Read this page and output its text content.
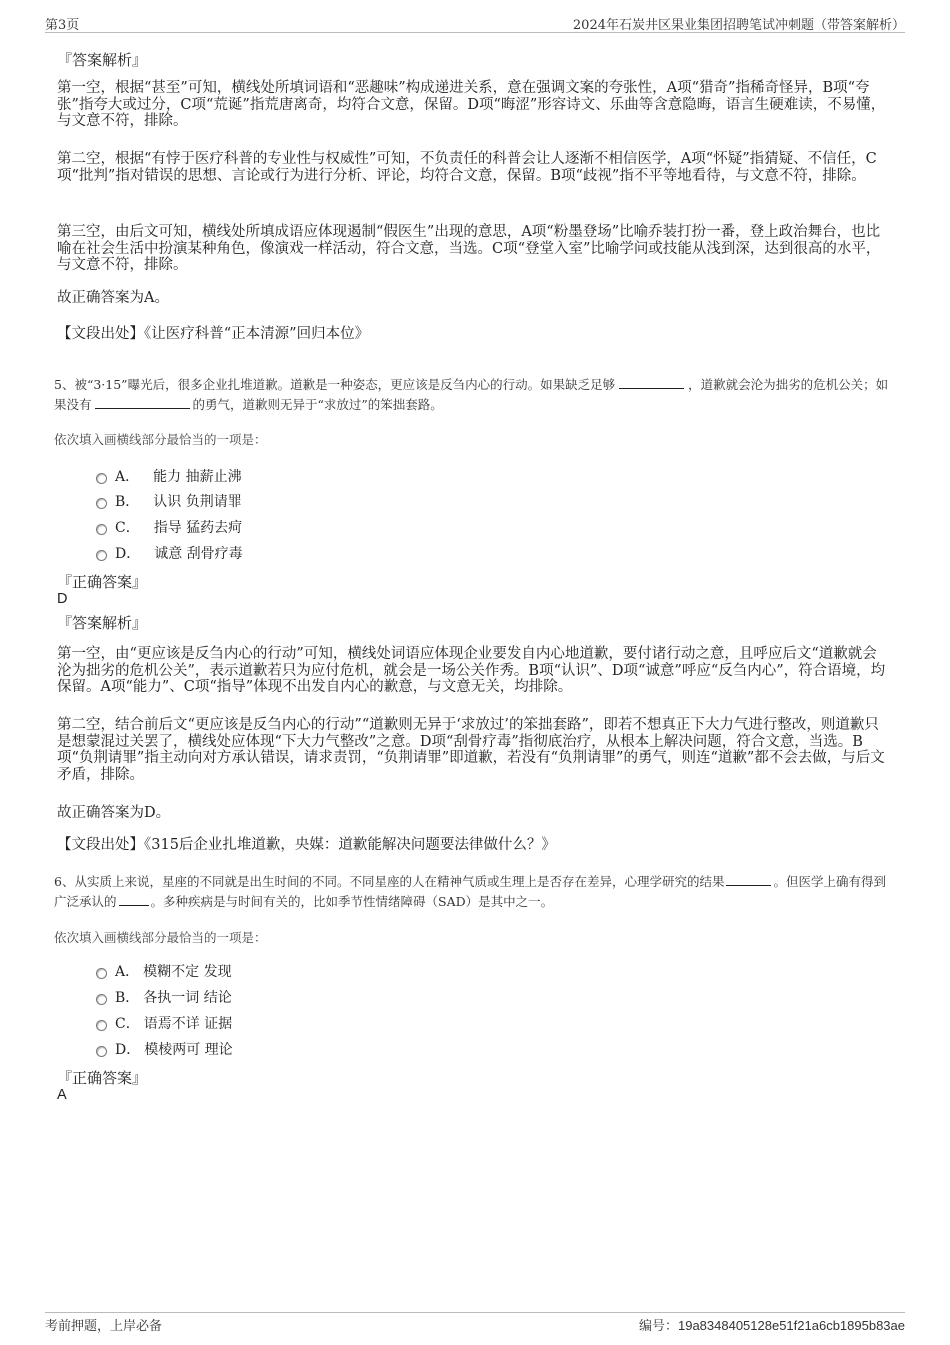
第3页	2024年石炭井区果业集团招聘笔试冲刺题（带答案解析）
『答案解析』

第一空，根据“甚至”可知，横线处所填词语和“恶趣味”构成递进关系，意在强调文案的夸张性，A项“猎奇”指稀奇怪异，B项“夸张”指夸大或过分，C项“荒诞”指荒唐离奇，均符合文意，保留。D项“晦涩”形容诗文、乐曲等含意隐晦，语言生硬难读，不易懂，与文意不符，排除。

第二空，根据“有悖于医疗科普的专业性与权威性”可知，不负责任的科普会让人逐渐不相信医学，A项“怀疑”指猜疑、不信任，C项“批判”指对错误的思想、言论或行为进行分析、评论，均符合文意，保留。B项“歧视”指不平等地看待，与文意不符，排除。

第三空，由后文可知，横线处所填成语应体现遏制“假医生”出现的意思，A项“粉墨登场”比喻乔装打扮一番，登上政治舞台，也比喻在社会生活中扮演某种角色，像演戏一样活动，符合文意，当选。C项“登堂入室”比喻学问或技能从浅到深，达到很高的水平，与文意不符，排除。

故正确答案为A。

【文段出处】《让医疗科普“正本清源”回归本位》

5、被“3·15”曝光后，很多企业扎堆道歉。道歉是一种姿态，更应该是反刍内心的行动。如果缺乏足够	，道歉就会沦为拙劣的危机公关；如果没有	的勇气，道歉则无异于“求放过”的笨拙套路。

依次填入画横线部分最恰当的一项是：

A． 能力 抽薪止沸
B． 认识 负荆请罪
C． 指导 猛药去疴
D． 诚意 刮骨疗毒
『正确答案』
D
『答案解析』

第一空，由“更应该是反刍内心的行动”可知，横线处词语应体现企业要发自内心地道歉，要付诸行动之意，且呼应后文“道歉就会沦为拙劣的危机公关”，表示道歉若只为应付危机，就会是一场公关作秀。B项“认识”、D项“诚意”呼应“反刍内心”，符合语境，均保留。A项“能力”、C项“指导”体现不出发自内心的歉意，与文意无关，均排除。

第二空，结合前后文“更应该是反刍内心的行动”“道歉则无异于‘求放过’的笨拙套路”，即若不想真正下大力气进行整改，则道歉只是想蒙混过关罢了，横线处应体现“下大力气整改”之意。D项“刮骨疗毒”指彻底治疗，从根本上解决问题，符合文意，当选。B项“负荆请罪”指主动向对方承认错误，请求责罚，“负荆请罪”即道歉，若没有“负荆请罪”的勇气，则连“道歉”都不会去做，与后文矛盾，排除。

故正确答案为D。

【文段出处】《315后企业扎堆道歉，央媒：道歉能解决问题要法律做什么？》

6、从实质上来说，星座的不同就是出生时间的不同。不同星座的人在精神气质或生理上是否存在差异，心理学研究的结果	。但医学上确有得到广泛承认的	。多种疾病是与时间有关的，比如季节性情绪障碍（SAD）是其中之一。

依次填入画横线部分最恰当的一项是：

A． 模糊不定 发现
B． 各执一词 结论
C． 语焉不详 证据
D． 模棱两可 理论
『正确答案』
A
考前押题，上岸必备	编号：19a8348405128e51f21a6cb1895b83ae
